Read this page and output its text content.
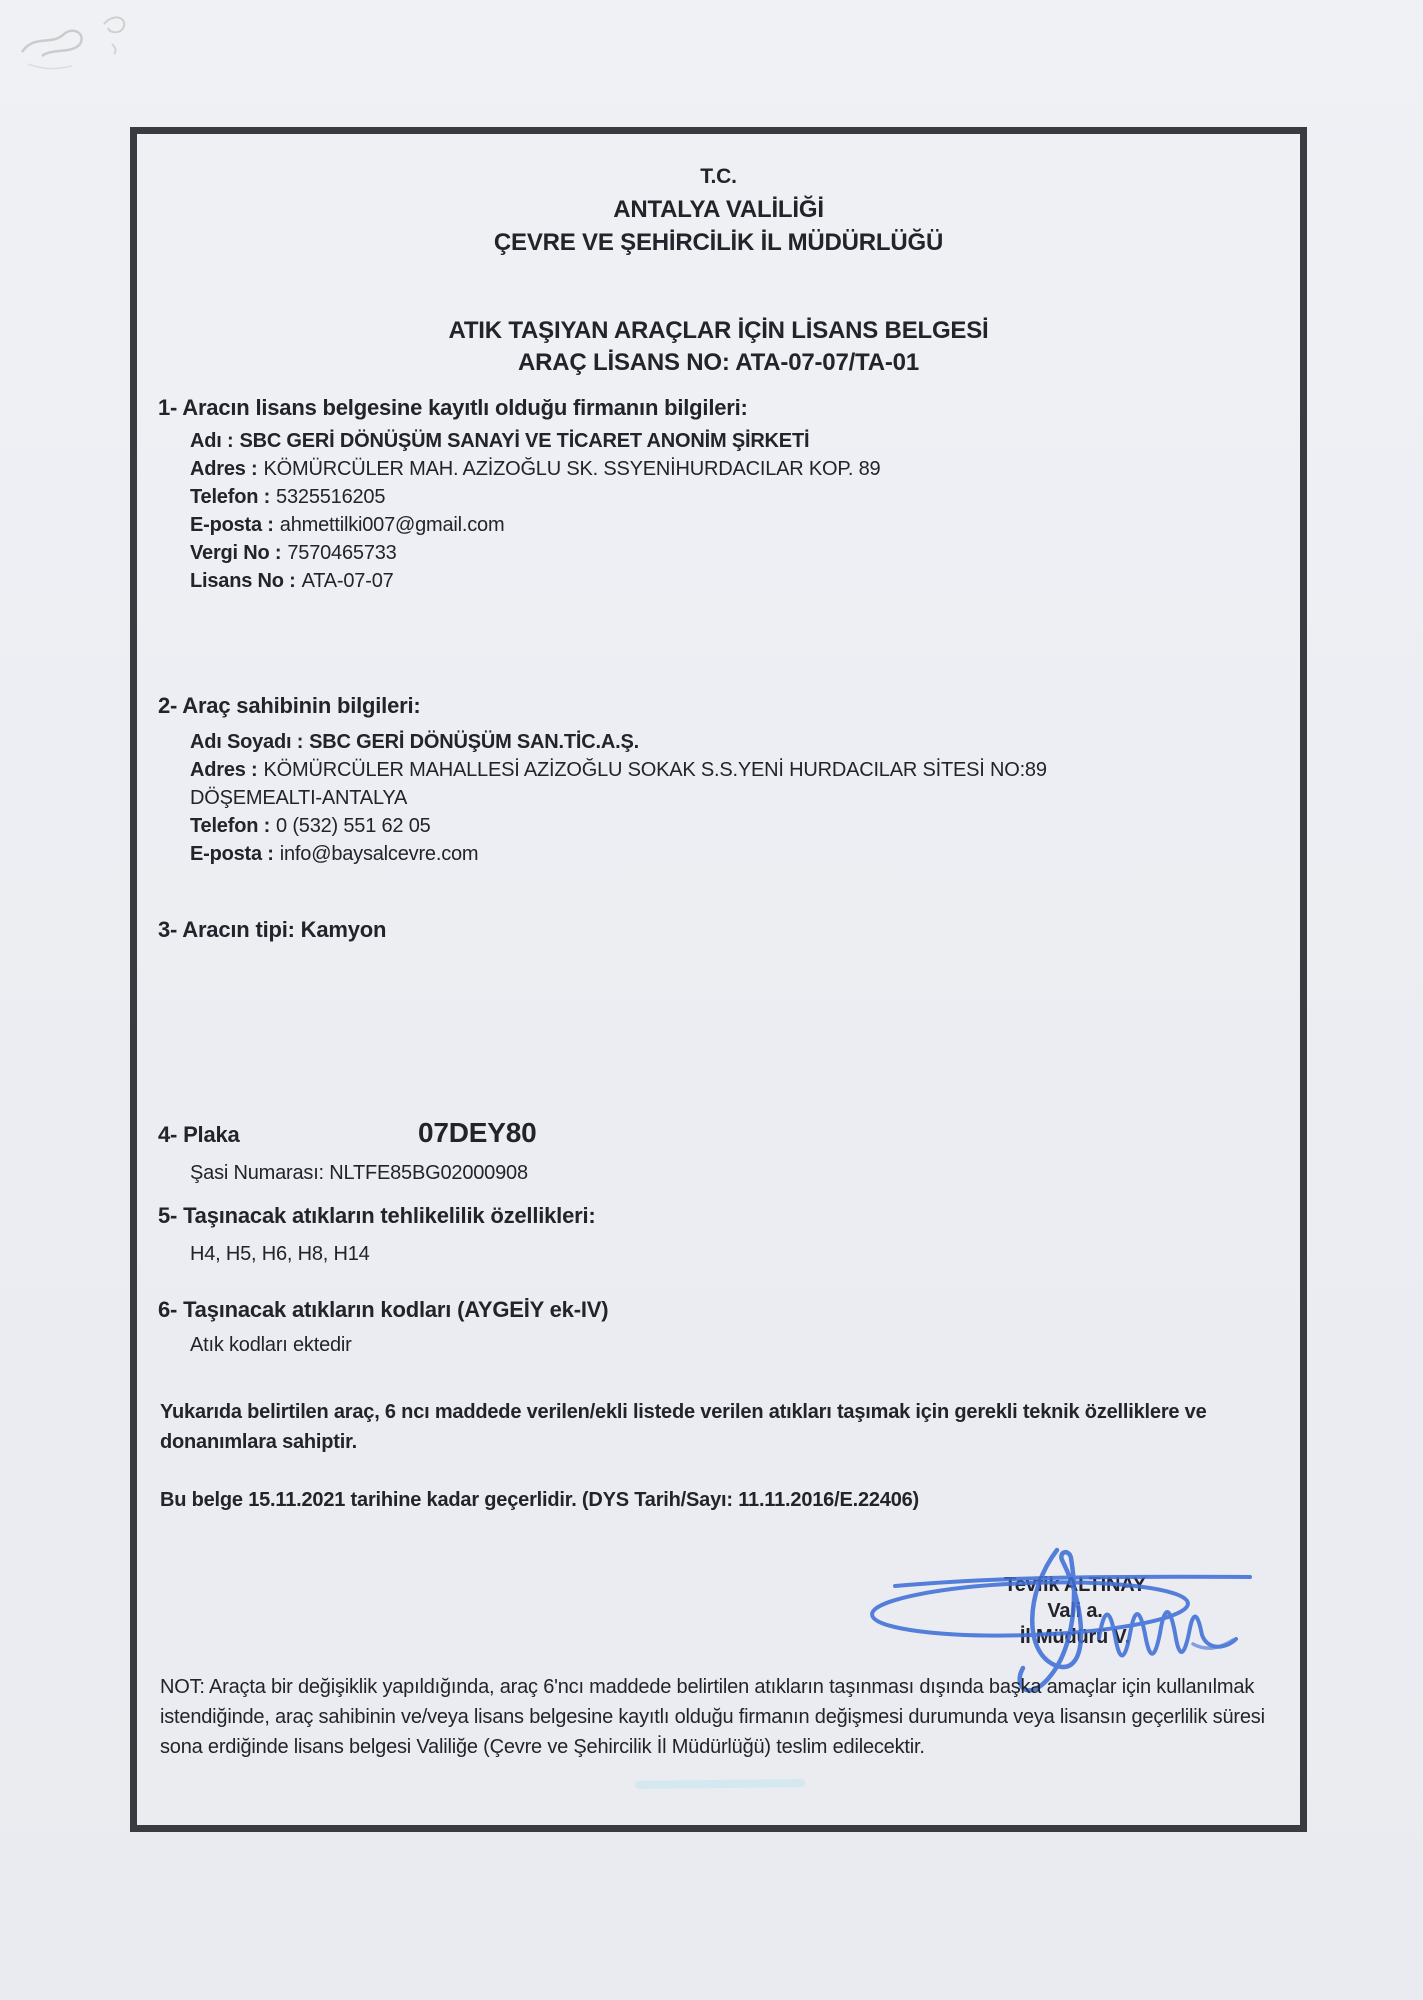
T.C.
ANTALYA VALİLİĞİ
ÇEVRE VE ŞEHİRCİLİK İL MÜDÜRLÜĞÜ
ATIK TAŞIYAN ARAÇLAR İÇİN LİSANS BELGESİ
ARAÇ LİSANS NO: ATA-07-07/TA-01
1- Aracın lisans belgesine kayıtlı olduğu firmanın bilgileri:
Adı : SBC GERİ DÖNÜŞÜM SANAYİ VE TİCARET ANONİM ŞİRKETİ
Adres : KÖMÜRCÜLER MAH. AZİZOĞLU SK. SSYENİHURDACILAR KOP. 89
Telefon : 5325516205
E-posta : ahmettilki007@gmail.com
Vergi No : 7570465733
Lisans No : ATA-07-07
2- Araç sahibinin bilgileri:
Adı Soyadı : SBC GERİ DÖNÜŞÜM SAN.TİC.A.Ş.
Adres : KÖMÜRCÜLER MAHALLESİ AZİZOĞLU SOKAK S.S.YENİ HURDACILAR SİTESİ NO:89
DÖŞEMEALTI-ANTALYA
Telefon : 0 (532) 551 62 05
E-posta : info@baysalcevre.com
3- Aracın tipi: Kamyon
4- Plaka	07DEY80
Şasi Numarası: NLTFE85BG02000908
5- Taşınacak atıkların tehlikelilik özellikleri:
H4, H5, H6, H8, H14
6- Taşınacak atıkların kodları (AYGEİY ek-IV)
Atık kodları ektedir
Yukarıda belirtilen araç, 6 ncı maddede verilen/ekli listede verilen atıkları taşımak için gerekli teknik özelliklere ve donanımlara sahiptir.
Bu belge 15.11.2021 tarihine kadar geçerlidir. (DYS Tarih/Sayı: 11.11.2016/E.22406)
Tevfik ALTINAY
Vali a.
İl Müdürü V.
NOT: Araçta bir değişiklik yapıldığında, araç 6'ncı maddede belirtilen atıkların taşınması dışında başka amaçlar için kullanılmak istendiğinde, araç sahibinin ve/veya lisans belgesine kayıtlı olduğu firmanın değişmesi durumunda veya lisansın geçerlilik süresi sona erdiğinde lisans belgesi Valiliğe (Çevre ve Şehircilik İl Müdürlüğü) teslim edilecektir.
